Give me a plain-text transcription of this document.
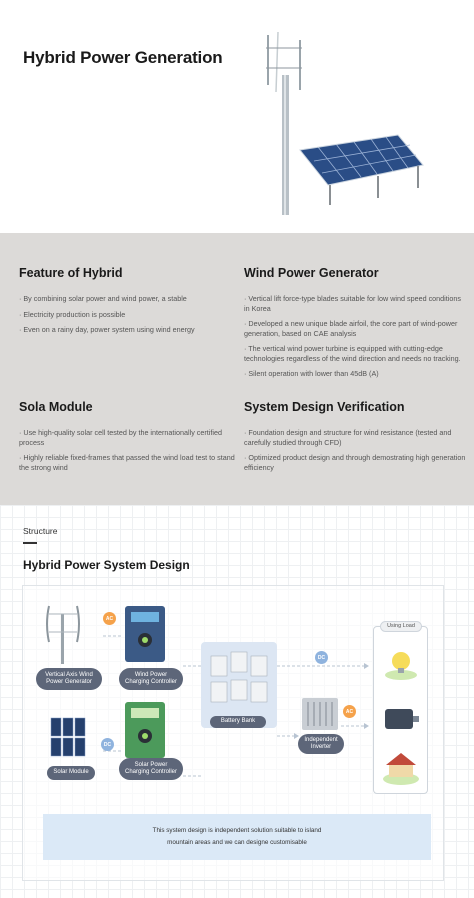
Hybrid Power Generation
Feature of Hybrid
· By combining solar power and wind power, a stable
· Electricity production is possible
· Even on a rainy day, power system using wind energy
Wind Power Generator
· Vertical lift force-type blades suitable for low wind speed conditions in Korea
· Developed a new unique blade airfoil, the core part of wind-power generation, based on CAE analysis
· The vertical wind power turbine is equipped with cutting-edge technologies regardless of the wind direction and needs no tracking.
· Silent operation with lower than 45dB (A)
Sola Module
· Use high-quality solar cell tested by the internationally certified process
· Highly reliable fixed-frames that passed the wind load test to stand the strong wind
System Design Verification
· Foundation design and structure for wind resistance (tested and carefully studied through CFD)
· Optimized product design and through demostrating high generation efficiency
Structure
Hybrid Power System Design
Vertical Axis Wind Power Generator
AC
Wind Power Charging Controller
Battery Bank
DC
Independent Inverter
AC
Using Load
Solar Module
DC
Solar Power Charging Controller
This system design is independent solution suitable to island
mountain areas and we can designe customisable
